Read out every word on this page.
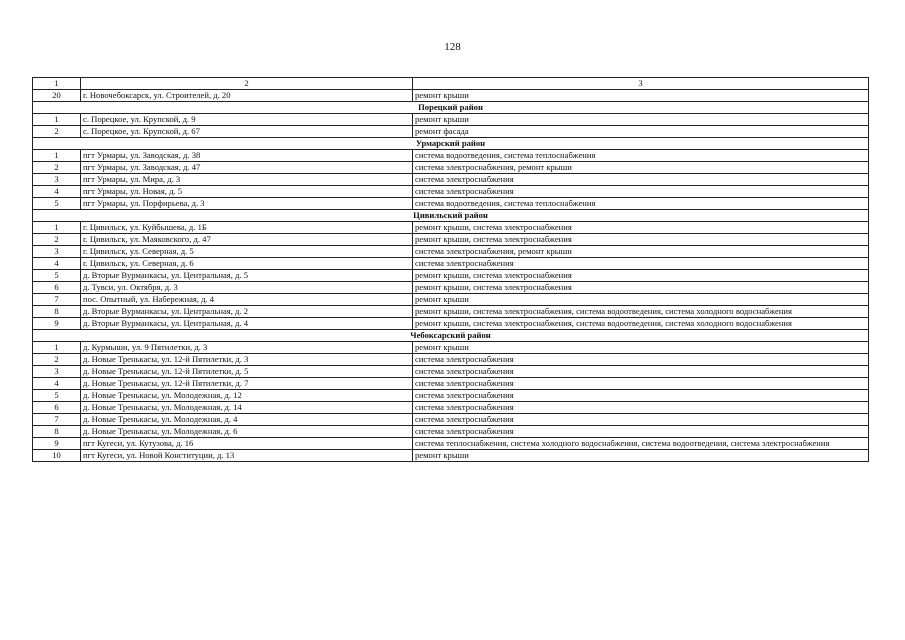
128
1	2	3
20	г. Новочебоксарск, ул. Строителей, д. 20	ремонт крыши
Порецкий район		
1	с. Порецкое, ул. Крупской, д. 9	ремонт крыши
2	с. Порецкое, ул. Крупской, д. 67	ремонт фасада
Урмарский район		
1	пгт Урмары, ул. Заводская, д. 38	система водоотведения, система теплоснабжения
2	пгт Урмары, ул. Заводская, д. 47	система электроснабжения, ремонт крыши
3	пгт Урмары, ул. Мира, д. 3	система электроснабжения
4	пгт Урмары, ул. Новая, д. 5	система электроснабжения
5	пгт Урмары, ул. Порфирьева, д. 3	система водоотведения, система теплоснабжения
Цивильский район		
1	г. Цивильск, ул. Куйбышева, д. 1Б	ремонт крыши, система электроснабжения
2	г. Цивильск, ул. Маяковского, д. 47	ремонт крыши, система электроснабжения
3	г. Цивильск, ул. Северная, д. 5	система электроснабжения, ремонт крыши
4	г. Цивильск, ул. Северная, д. 6	система электроснабжения
5	д. Вторые Вурманкасы, ул. Центральная, д. 5	ремонт крыши, система электроснабжения
6	д. Тувси, ул. Октября, д. 3	ремонт крыши, система электроснабжения
7	пос. Опытный, ул. Набережная, д. 4	ремонт крыши
8	д. Вторые Вурманкасы, ул. Центральная, д. 2	ремонт крыши, система электроснабжения, система водоотведения, система холодного водоснабжения
9	д. Вторые Вурманкасы, ул. Центральная, д. 4	ремонт крыши, система электроснабжения, система водоотведения, система холодного водоснабжения
Чебоксарский район		
1	д. Курмыши, ул. 9 Пятилетки, д. 3	ремонт крыши
2	д. Новые Тренькасы, ул. 12-й Пятилетки, д. 3	система электроснабжения
3	д. Новые Тренькасы, ул. 12-й Пятилетки, д. 5	система электроснабжения
4	д. Новые Тренькасы, ул. 12-й Пятилетки, д. 7	система электроснабжения
5	д. Новые Тренькасы, ул. Молодежная, д. 12	система электроснабжения
6	д. Новые Тренькасы, ул. Молодежная, д. 14	система электроснабжения
7	д. Новые Тренькасы, ул. Молодежная, д. 4	система электроснабжения
8	д. Новые Тренькасы, ул. Молодежная, д. 6	система электроснабжения
9	пгт Кугеси, ул. Кутузова, д. 16	система теплоснабжения, система холодного водоснабжения, система водоотведения, система электроснабжения
10	пгт Кугеси, ул. Новой Конституции, д. 13	ремонт крыши
